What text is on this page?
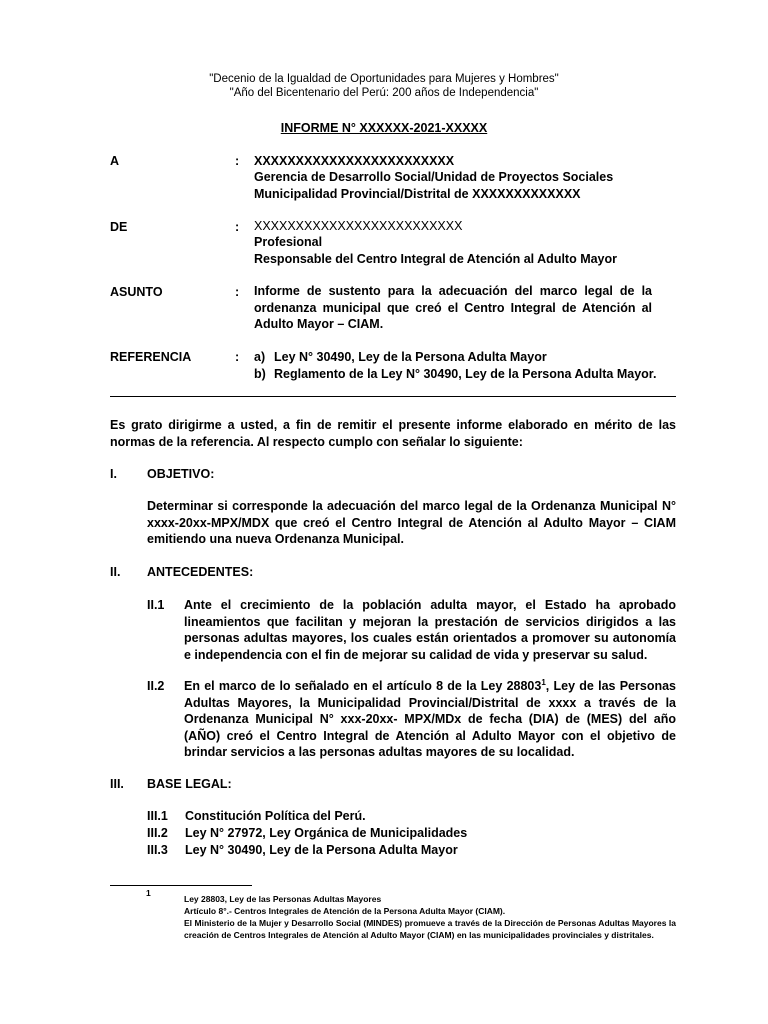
"Decenio de la Igualdad de Oportunidades para Mujeres y Hombres"
"Año del Bicentenario del Perú: 200 años de Independencia"
INFORME N° XXXXXX-2021-XXXXX
A	: XXXXXXXXXXXXXXXXXXXXXXXX
Gerencia de Desarrollo Social/Unidad de Proyectos Sociales
Municipalidad Provincial/Distrital de XXXXXXXXXXXXX
DE	: XXXXXXXXXXXXXXXXXXXXXXXXX
Profesional
Responsable del Centro Integral de Atención al Adulto Mayor
ASUNTO	: Informe de sustento para la adecuación del marco legal de la ordenanza municipal que creó el Centro Integral de Atención al Adulto Mayor – CIAM.
REFERENCIA	: a) Ley N° 30490, Ley de la Persona Adulta Mayor
b) Reglamento de la Ley N° 30490, Ley de la Persona Adulta Mayor.
Es grato dirigirme a usted, a fin de remitir el presente informe elaborado en mérito de las normas de la referencia. Al respecto cumplo con señalar lo siguiente:
I. OBJETIVO:
Determinar si corresponde la adecuación del marco legal de la Ordenanza Municipal N° xxxx-20xx-MPX/MDX que creó el Centro Integral de Atención al Adulto Mayor – CIAM emitiendo una nueva Ordenanza Municipal.
II. ANTECEDENTES:
II.1 Ante el crecimiento de la población adulta mayor, el Estado ha aprobado lineamientos que facilitan y mejoran la prestación de servicios dirigidos a las personas adultas mayores, los cuales están orientados a promover su autonomía e independencia con el fin de mejorar su calidad de vida y preservar su salud.
II.2 En el marco de lo señalado en el artículo 8 de la Ley 28803$^1$, Ley de las Personas Adultas Mayores, la Municipalidad Provincial/Distrital de xxxx a través de la Ordenanza Municipal N° xxx-20xx- MPX/MDx de fecha (DIA) de (MES) del año (AÑO) creó el Centro Integral de Atención al Adulto Mayor con el objetivo de brindar servicios a las personas adultas mayores de su localidad.
III. BASE LEGAL:
III.1 Constitución Política del Perú.
III.2 Ley N° 27972, Ley Orgánica de Municipalidades
III.3 Ley N° 30490, Ley de la Persona Adulta Mayor
1
Ley 28803, Ley de las Personas Adultas Mayores
Artículo 8°.- Centros Integrales de Atención de la Persona Adulta Mayor (CIAM).
El Ministerio de la Mujer y Desarrollo Social (MINDES) promueve a través de la Dirección de Personas Adultas Mayores la creación de Centros Integrales de Atención al Adulto Mayor (CIAM) en las municipalidades provinciales y distritales.
